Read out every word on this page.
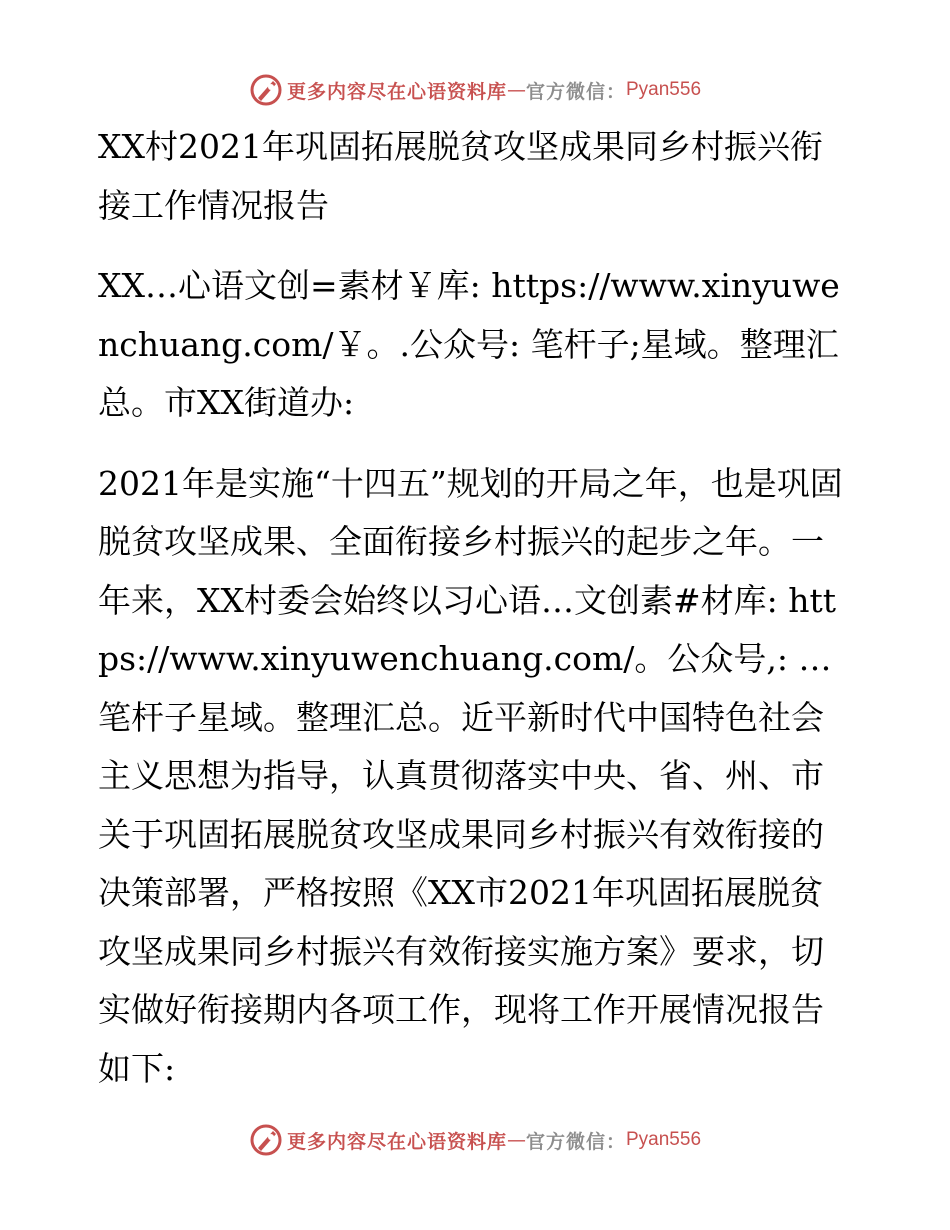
更多内容尽在心语资料库 — 官方微信： Pyan556

XX村2021年巩固拓展脱贫攻坚成果同乡村振兴衔接工作情况报告

XX…心语文创=素材￥库: https://www.xinyuwenchuang.com/￥。.公众号: 笔杆子;星域。整理汇总。市XX街道办:

2021年是实施“十四五”规划的开局之年，也是巩固脱贫攻坚成果、全面衔接乡村振兴的起步之年。一年来，XX村委会始终以习心语…文创素#材库: https://www.xinyuwenchuang.com/。公众号,: …笔杆子星域。整理汇总。近平新时代中国特色社会主义思想为指导，认真贯彻落实中央、省、州、市关于巩固拓展脱贫攻坚成果同乡村振兴有效衔接的决策部署，严格按照《XX市2021年巩固拓展脱贫攻坚成果同乡村振兴有效衔接实施方案》要求，切实做好衔接期内各项工作，现将工作开展情况报告如下:

更多内容尽在心语资料库 — 官方微信： Pyan556
